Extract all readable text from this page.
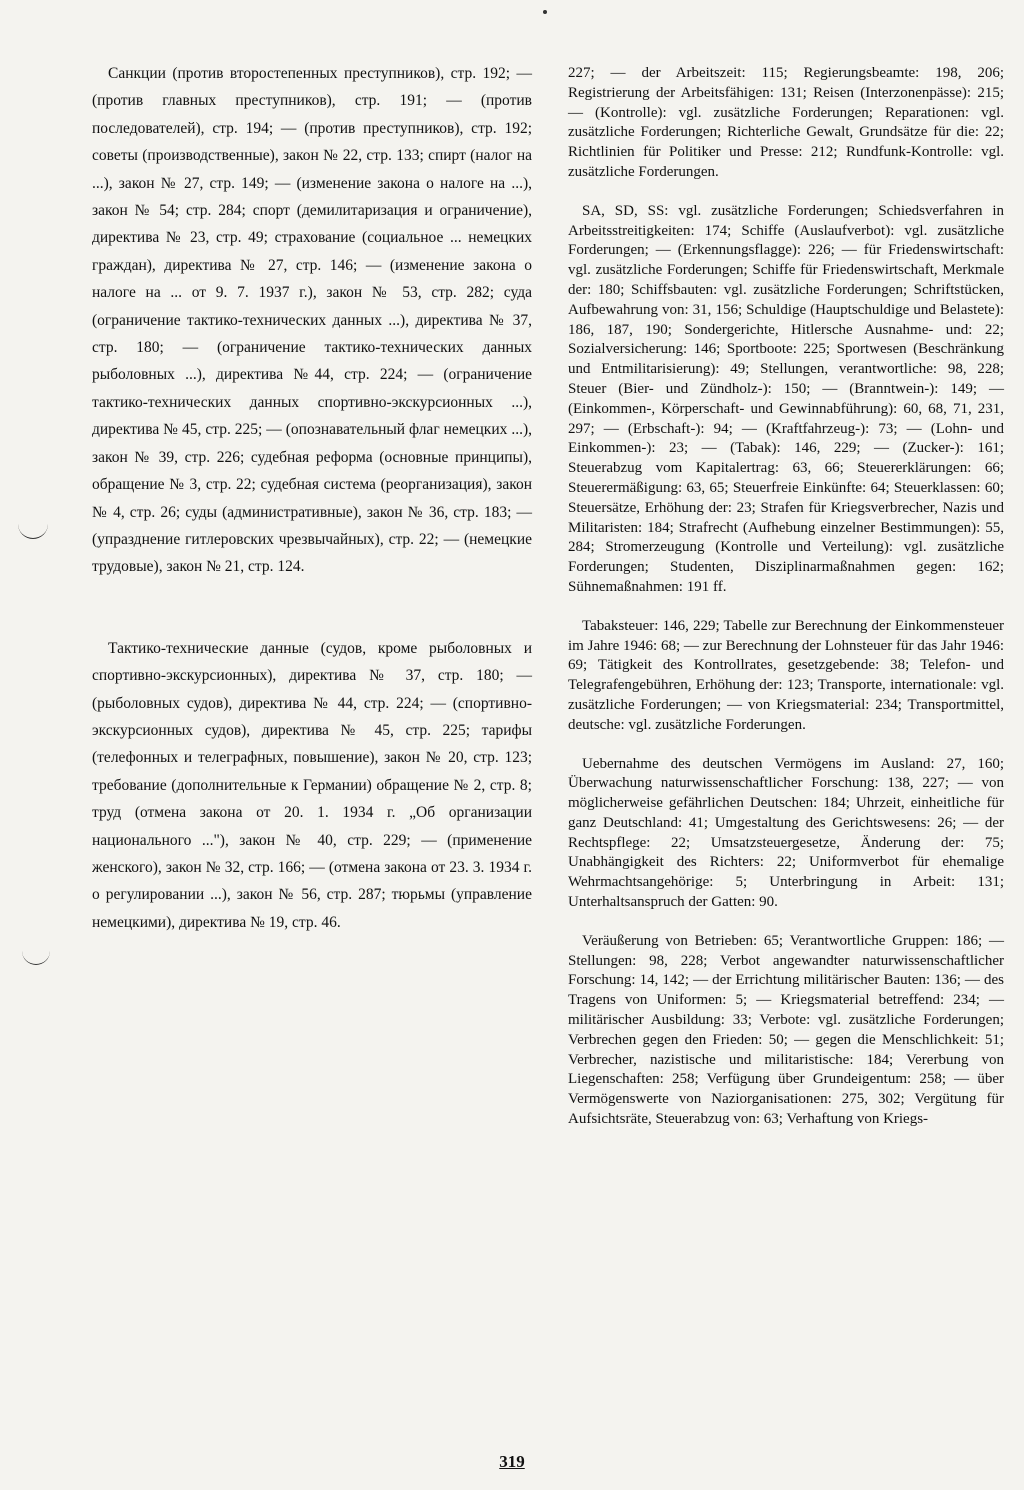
Санкции (против второстепенных преступников), стр. 192; — (против главных преступников), стр. 191; — (против последователей), стр. 194; — (против преступников), стр. 192; советы (производственные), закон № 22, стр. 133; спирт (налог на ...), закон № 27, стр. 149; — (изменение закона о налоге на ...), закон № 54; стр. 284; спорт (демилитаризация и ограничение), директива № 23, стр. 49; страхование (социальное ... немецких граждан), директива № 27, стр. 146; — (изменение закона о налоге на ... от 9. 7. 1937 г.), закон № 53, стр. 282; суда (ограничение тактико-технических данных ...), директива № 37, стр. 180; — (ограничение тактико-технических данных рыболовных ...), директива №44, стр. 224; — (ограничение тактико-технических данных спортивно-экскурсионных ...), директива № 45, стр. 225; — (опознавательный флаг немецких ...), закон № 39, стр. 226; судебная реформа (основные принципы), обращение № 3, стр. 22; судебная система (реорганизация), закон № 4, стр. 26; суды (административные), закон № 36, стр. 183; — (упразднение гитлеровских чрезвычайных), стр. 22; — (немецкие трудовые), закон № 21, стр. 124.

Тактико-технические данные (судов, кроме рыболовных и спортивно-экскурсионных), директива № 37, стр. 180; — (рыболовных судов), директива № 44, стр. 224; — (спортивно-экскурсионных судов), директива № 45, стр. 225; тарифы (телефонных и телеграфных, повышение), закон № 20, стр. 123; требование (дополнительные к Германии) обращение № 2, стр. 8; труд (отмена закона от 20. 1. 1934 г. „Об организации национального ..."), закон № 40, стр. 229; — (применение женского), закон № 32, стр. 166; — (отмена закона от 23. 3. 1934 г. о регулировании ...), закон № 56, стр. 287; тюрьмы (управление немецкими), директива № 19, стр. 46.

227; — der Arbeitszeit: 115; Regierungsbeamte: 198, 206; Registrierung der Arbeitsfähigen: 131; Reisen (Interzonenpässe): 215; — (Kontrolle): vgl. zusätzliche Forderungen; Reparationen: vgl. zusätzliche Forderungen; Richterliche Gewalt, Grundsätze für die: 22; Richtlinien für Politiker und Presse: 212; Rundfunk-Kontrolle: vgl. zusätzliche Forderungen.

SA, SD, SS: vgl. zusätzliche Forderungen; Schiedsverfahren in Arbeitsstreitigkeiten: 174; Schiffe (Auslaufverbot): vgl. zusätzliche Forderungen; — (Erkennungsflagge): 226; — für Friedenswirtschaft: vgl. zusätzliche Forderungen; Schiffe für Friedenswirtschaft, Merkmale der: 180; Schiffsbauten: vgl. zusätzliche Forderungen; Schriftstücken, Aufbewahrung von: 31, 156; Schuldige (Hauptschuldige und Belastete): 186, 187, 190; Sondergerichte, Hitlersche Ausnahme- und: 22; Sozialversicherung: 146; Sportboote: 225; Sportwesen (Beschränkung und Entmilitarisierung): 49; Stellungen, verantwortliche: 98, 228; Steuer (Bier- und Zündholz-): 150; — (Branntwein-): 149; — (Einkommen-, Körperschaft- und Gewinnabführung): 60, 68, 71, 231, 297; — (Erbschaft-): 94; — (Kraftfahrzeug-): 73; — (Lohn- und Einkommen-): 23; — (Tabak): 146, 229; — (Zucker-): 161; Steuerabzug vom Kapitalertrag: 63, 66; Steuererklärungen: 66; Steuerermäßigung: 63, 65; Steuerfreie Einkünfte: 64; Steuerklassen: 60; Steuersätze, Erhöhung der: 23; Strafen für Kriegsverbrecher, Nazis und Militaristen: 184; Strafrecht (Aufhebung einzelner Bestimmungen): 55, 284; Stromerzeugung (Kontrolle und Verteilung): vgl. zusätzliche Forderungen; Studenten, Disziplinarmaßnahmen gegen: 162; Sühnemaßnahmen: 191 ff.

Tabaksteuer: 146, 229; Tabelle zur Berechnung der Einkommensteuer im Jahre 1946: 68; — zur Berechnung der Lohnsteuer für das Jahr 1946: 69; Tätigkeit des Kontrollrates, gesetzgebende: 38; Telefon- und Telegrafengebühren, Erhöhung der: 123; Transporte, internationale: vgl. zusätzliche Forderungen; — von Kriegsmaterial: 234; Transportmittel, deutsche: vgl. zusätzliche Forderungen.

Uebernahme des deutschen Vermögens im Ausland: 27, 160; Überwachung naturwissenschaftlicher Forschung: 138, 227; — von möglicherweise gefährlichen Deutschen: 184; Uhrzeit, einheitliche für ganz Deutschland: 41; Umgestaltung des Gerichtswesens: 26; — der Rechtspflege: 22; Umsatzsteuergesetze, Änderung der: 75; Unabhängigkeit des Richters: 22; Uniformverbot für ehemalige Wehrmachtsangehörige: 5; Unterbringung in Arbeit: 131; Unterhaltsanspruch der Gatten: 90.

Veräußerung von Betrieben: 65; Verantwortliche Gruppen: 186; — Stellungen: 98, 228; Verbot angewandter naturwissenschaftlicher Forschung: 14, 142; — der Errichtung militärischer Bauten: 136; — des Tragens von Uniformen: 5; — Kriegsmaterial betreffend: 234; — militärischer Ausbildung: 33; Verbote: vgl. zusätzliche Forderungen; Verbrechen gegen den Frieden: 50; — gegen die Menschlichkeit: 51; Verbrecher, nazistische und militaristische: 184; Vererbung von Liegenschaften: 258; Verfügung über Grundeigentum: 258; — über Vermögenswerte von Naziorganisationen: 275, 302; Vergütung für Aufsichtsräte, Steuerabzug von: 63; Verhaftung von Kriegs-

319
